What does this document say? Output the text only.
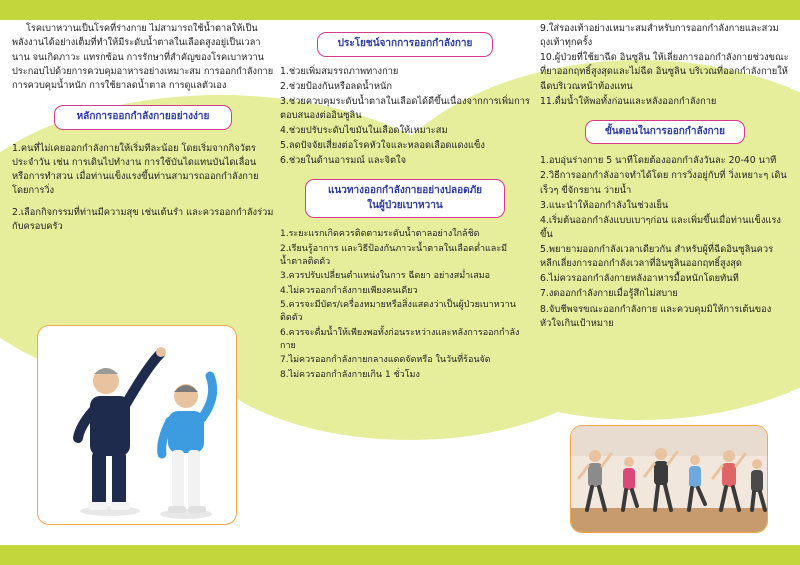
โรคเบาหวานเป็นโรคที่ร่างกาย ไม่สามารถใช้น้ำตาลให้เป็นพลังงานได้อย่างเต็มที่ทำให้มีระดับน้ำตาลในเลือดสูงอยู่เป็นเวลานาน จนเกิดภาวะ แทรกซ้อน การรักษาที่สำคัญของโรคเบาหวานประกอบไปด้วยการควบคุมอาหารอย่างเหมาะสม การออกกำลังกาย การควบคุมน้ำหนัก การใช้ยาลดน้ำตาล การดูแลตัวเอง

หลักการออกกำลังกายอย่างง่าย
1.คนที่ไม่เคยออกกำลังกายให้เริ่มทีละน้อย โดยเริ่มจากกิจวัตรประจำวัน เช่น การเดินไปทำงาน การใช้บันไดแทนบันไดเลื่อน หรือการทำสวน เมื่อท่านแข็งแรงขึ้นท่านสามารถออกกำลังกายโดยการวิ่ง
2.เลือกกิจกรรมที่ท่านมีความสุข เช่นเต้นรำ และควรออกกำลังร่วมกับครอบครัว
ประโยชน์จากการออกกำลังกาย
1.ช่วยเพิ่มสมรรถภาพทางกาย
2.ช่วยป้องกันหรือลดน้ำหนัก
3.ช่วยควบคุมระดับน้ำตาลในเลือดได้ดีขึ้นเนื่องจากการเพิ่มการตอบสนองต่ออินซูลิน
4.ช่วยปรับระดับไขมันในเลือดให้เหมาะสม
5.ลดปัจจัยเสี่ยงต่อโรคหัวใจและหลอดเลือดแดงแข็ง
6.ช่วยในด้านอารมณ์ และจิตใจ
แนวทางออกกำลังกายอย่างปลอดภัย
ในผู้ป่วยเบาหวาน
1.ระยะแรกเกิดควรติดตามระดับน้ำตาลอย่างใกล้ชิด
2.เรียนรู้อาการ และวิธีป้องกันภาวะน้ำตาลในเลือดต่ำและมีน้ำตาลติดตัว
3.ควรปรับเปลี่ยนตำแหน่งในการ ฉีดยา อย่างสม่ำเสมอ
4.ไม่ควรออกกำลังกายเพียงคนเดียว
5.ควรจะมีบัตร/เครื่องหมายหรือสิ่งแสดงว่าเป็นผู้ป่วยเบาหวานติดตัว
6.ควรจะดื่มน้ำให้เพียงพอทั้งก่อนระหว่างและหลังการออกกำลังกาย
7.ไม่ควรออกกำลังกายกลางแดดจัดหรือ ในวันที่ร้อนจัด
8.ไม่ควรออกกำลังกายเกิน 1 ชั่วโมง
9.ใส่รองเท้าอย่างเหมาะสมสำหรับการออกกำลังกายและสวมถุงเท้าทุกครั้ง
10.ผู้ป่วยที่ใช้ยาฉีด อินซูลิน ให้เลี่ยงการออกกำลังกายช่วงขณะที่ยาออกฤทธิ์สูงสุดและไม่ฉีด อินซูลิน บริเวณที่ออกกำลังกายให้ฉีดบริเวณหน้าท้องแทน
11.ดื่มน้ำให้พอทั้งก่อนและหลังออกกำลังกาย
ขั้นตอนในการออกกำลังกาย
1.อบอุ่นร่างกาย 5 นาทีโดยต้องออกกำลังวันละ 20-40 นาที
2.วิธีการออกกำลังอาจทำได้โดย การวิ่งอยู่กับที่ วิ่งเหยาะๆ เดินเร็วๆ ขี่จักรยาน ว่ายน้ำ
3.แนะนำให้ออกกำลังในช่วงเย็น
4.เริ่มต้นออกกำลังแบบเบาๆก่อน และเพิ่มขึ้นเมื่อท่านแข็งแรงขึ้น
5.พยายามออกกำลังเวลาเดียวกัน สำหรับผู้ที่ฉีดอินซูลินควรหลีกเลี่ยงการออกกำลังเวลาที่อินซูลินออกฤทธิ์สูงสุด
6.ไม่ควรออกกำลังกายหลังอาหารมื้อหนักโดยทันที
7.งดออกกำลังกายเมื่อรู้สึกไม่สบาย
8.จับชีพจรขณะออกกำลังกาย และควบคุมมิให้การเต้นของหัวใจเกินเป้าหมาย
